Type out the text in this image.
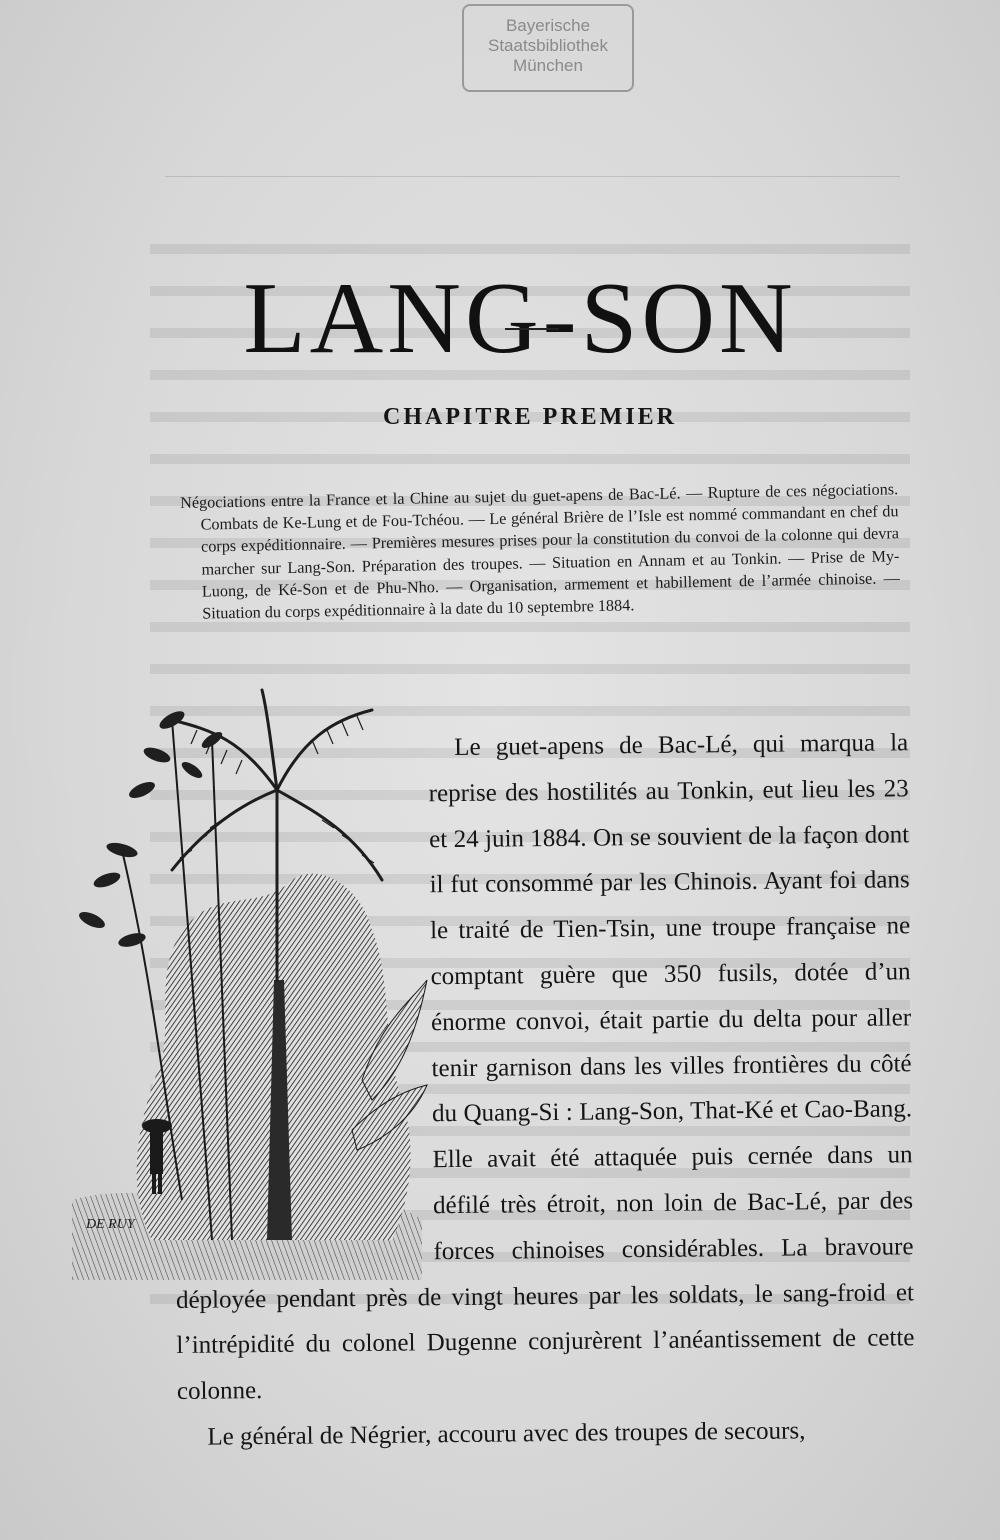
Bayerische
Staatsbibliothek
München
LANG-SON
CHAPITRE PREMIER

Négociations entre la France et la Chine au sujet du guet-apens de Bac-Lé. — Rupture de ces négociations. Combats de Ke-Lung et de Fou-Tchéou. — Le général Brière de l’Isle est nommé commandant en chef du corps expéditionnaire. — Premières mesures prises pour la constitution du convoi de la colonne qui devra marcher sur Lang-Son. Préparation des troupes. — Situation en Annam et au Tonkin. — Prise de My-Luong, de Ké-Son et de Phu-Nho. — Organisation, armement et habillement de l’armée chinoise. — Situation du corps expéditionnaire à la date du 10 septembre 1884.

DE RUY

Le guet-apens de Bac-Lé, qui marqua la reprise des hostilités au Tonkin, eut lieu les 23 et 24 juin 1884. On se souvient de la façon dont il fut consommé par les Chinois. Ayant foi dans le traité de Tien-Tsin, une troupe française ne comptant guère que 350 fusils, dotée d’un énorme convoi, était partie du delta pour aller tenir garnison dans les villes frontières du côté du Quang-Si : Lang-Son, That-Ké et Cao-Bang. Elle avait été attaquée puis cernée dans un défilé très étroit, non loin de Bac-Lé, par des forces chinoises considérables. La bravoure déployée pendant près de vingt heures par les soldats, le sang-froid et l’intrépidité du colonel Dugenne conjurèrent l’anéantissement de cette colonne.

Le général de Négrier, accouru avec des troupes de secours,
